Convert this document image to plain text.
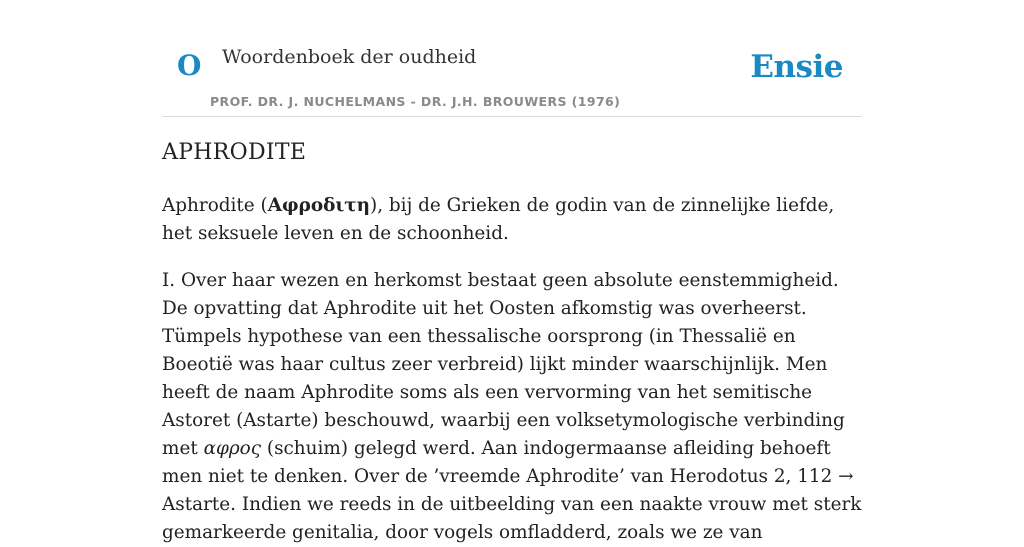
O Woordenboek der oudheid	Ensie
PROF. DR. J. NUCHELMANS - DR. J.H. BROUWERS (1976)
APHRODITE

Aphrodite (Αφροδιτη), bij de Grieken de godin van de zinnelijke liefde, het seksuele leven en de schoonheid.

I. Over haar wezen en herkomst bestaat geen absolute eenstemmigheid. De opvatting dat Aphrodite uit het Oosten afkomstig was overheerst. Tümpels hypothese van een thessalische oorsprong (in Thessalië en Boeotië was haar cultus zeer verbreid) lijkt minder waarschijnlijk. Men heeft de naam Aphrodite soms als een vervorming van het semitische Astoret (Astarte) beschouwd, waarbij een volksetymologische verbinding met αφρος (schuim) gelegd werd. Aan indogermaanse afleiding behoeft men niet te denken. Over de ’vreemde Aphrodite’ van Herodotus 2, 112 → Astarte. Indien we reeds in de uitbeelding van een naakte vrouw met sterk gemarkeerde genitalia, door vogels omfladderd, zoals we ze van
